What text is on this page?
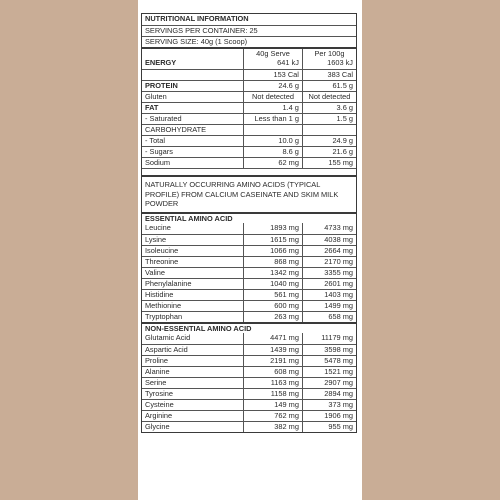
NUTRITIONAL INFORMATION
SERVINGS PER CONTAINER: 25
SERVING SIZE: 40g (1 Scoop)
40g Serve	Per 100g
ENERGY	641 kJ	1603 kJ
153 Cal	383 Cal
PROTEIN	24.6 g	61.5 g
Gluten	Not detected	Not detected
FAT	1.4 g	3.6 g
- Saturated	Less than 1 g	1.5 g
CARBOHYDRATE
- Total	10.0 g	24.9 g
- Sugars	8.6 g	21.6 g
Sodium	62 mg	155 mg
NATURALLY OCCURRING AMINO ACIDS (TYPICAL PROFILE) FROM CALCIUM CASEINATE AND SKIM MILK POWDER
ESSENTIAL AMINO ACID
Leucine	1893 mg	4733 mg
Lysine	1615 mg	4038 mg
Isoleucine	1066 mg	2664 mg
Threonine	868 mg	2170 mg
Valine	1342 mg	3355 mg
Phenylalanine	1040 mg	2601 mg
Histidine	561 mg	1403 mg
Methionine	600 mg	1499 mg
Tryptophan	263 mg	658 mg
NON-ESSENTIAL AMINO ACID
Glutamic Acid	4471 mg	11179 mg
Aspartic Acid	1439 mg	3598 mg
Proline	2191 mg	5478 mg
Alanine	608 mg	1521 mg
Serine	1163 mg	2907 mg
Tyrosine	1158 mg	2894 mg
Cysteine	149 mg	373 mg
Arginine	762 mg	1906 mg
Glycine	382 mg	955 mg
